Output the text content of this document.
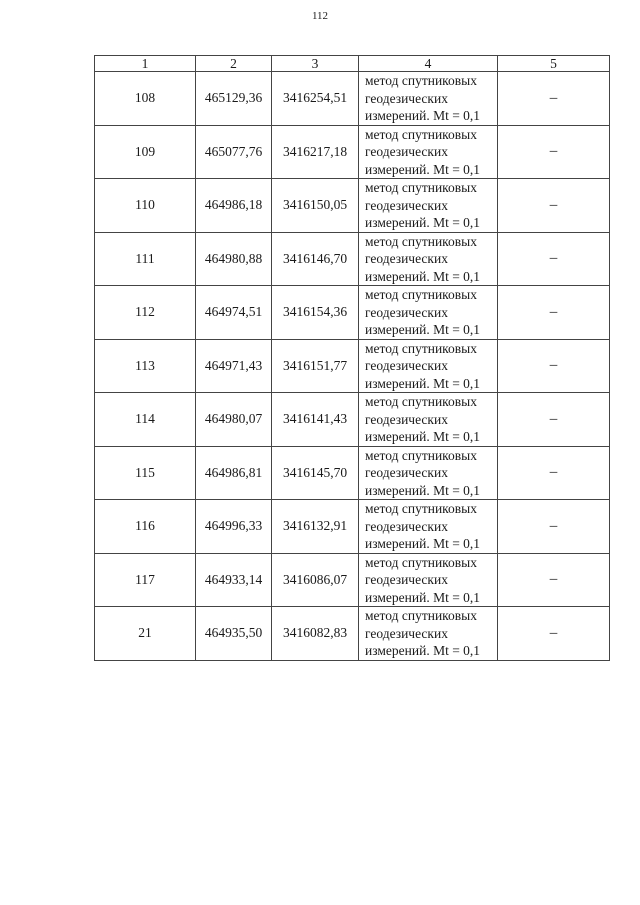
112
1	2	3	4	5
108	465129,36	3416254,51	метод спутниковых
геодезических
измерений. Mt = 0,1	–
109	465077,76	3416217,18	метод спутниковых
геодезических
измерений. Mt = 0,1	–
110	464986,18	3416150,05	метод спутниковых
геодезических
измерений. Mt = 0,1	–
111	464980,88	3416146,70	метод спутниковых
геодезических
измерений. Mt = 0,1	–
112	464974,51	3416154,36	метод спутниковых
геодезических
измерений. Mt = 0,1	–
113	464971,43	3416151,77	метод спутниковых
геодезических
измерений. Mt = 0,1	–
114	464980,07	3416141,43	метод спутниковых
геодезических
измерений. Mt = 0,1	–
115	464986,81	3416145,70	метод спутниковых
геодезических
измерений. Mt = 0,1	–
116	464996,33	3416132,91	метод спутниковых
геодезических
измерений. Mt = 0,1	–
117	464933,14	3416086,07	метод спутниковых
геодезических
измерений. Mt = 0,1	–
21	464935,50	3416082,83	метод спутниковых
геодезических
измерений. Mt = 0,1	–
